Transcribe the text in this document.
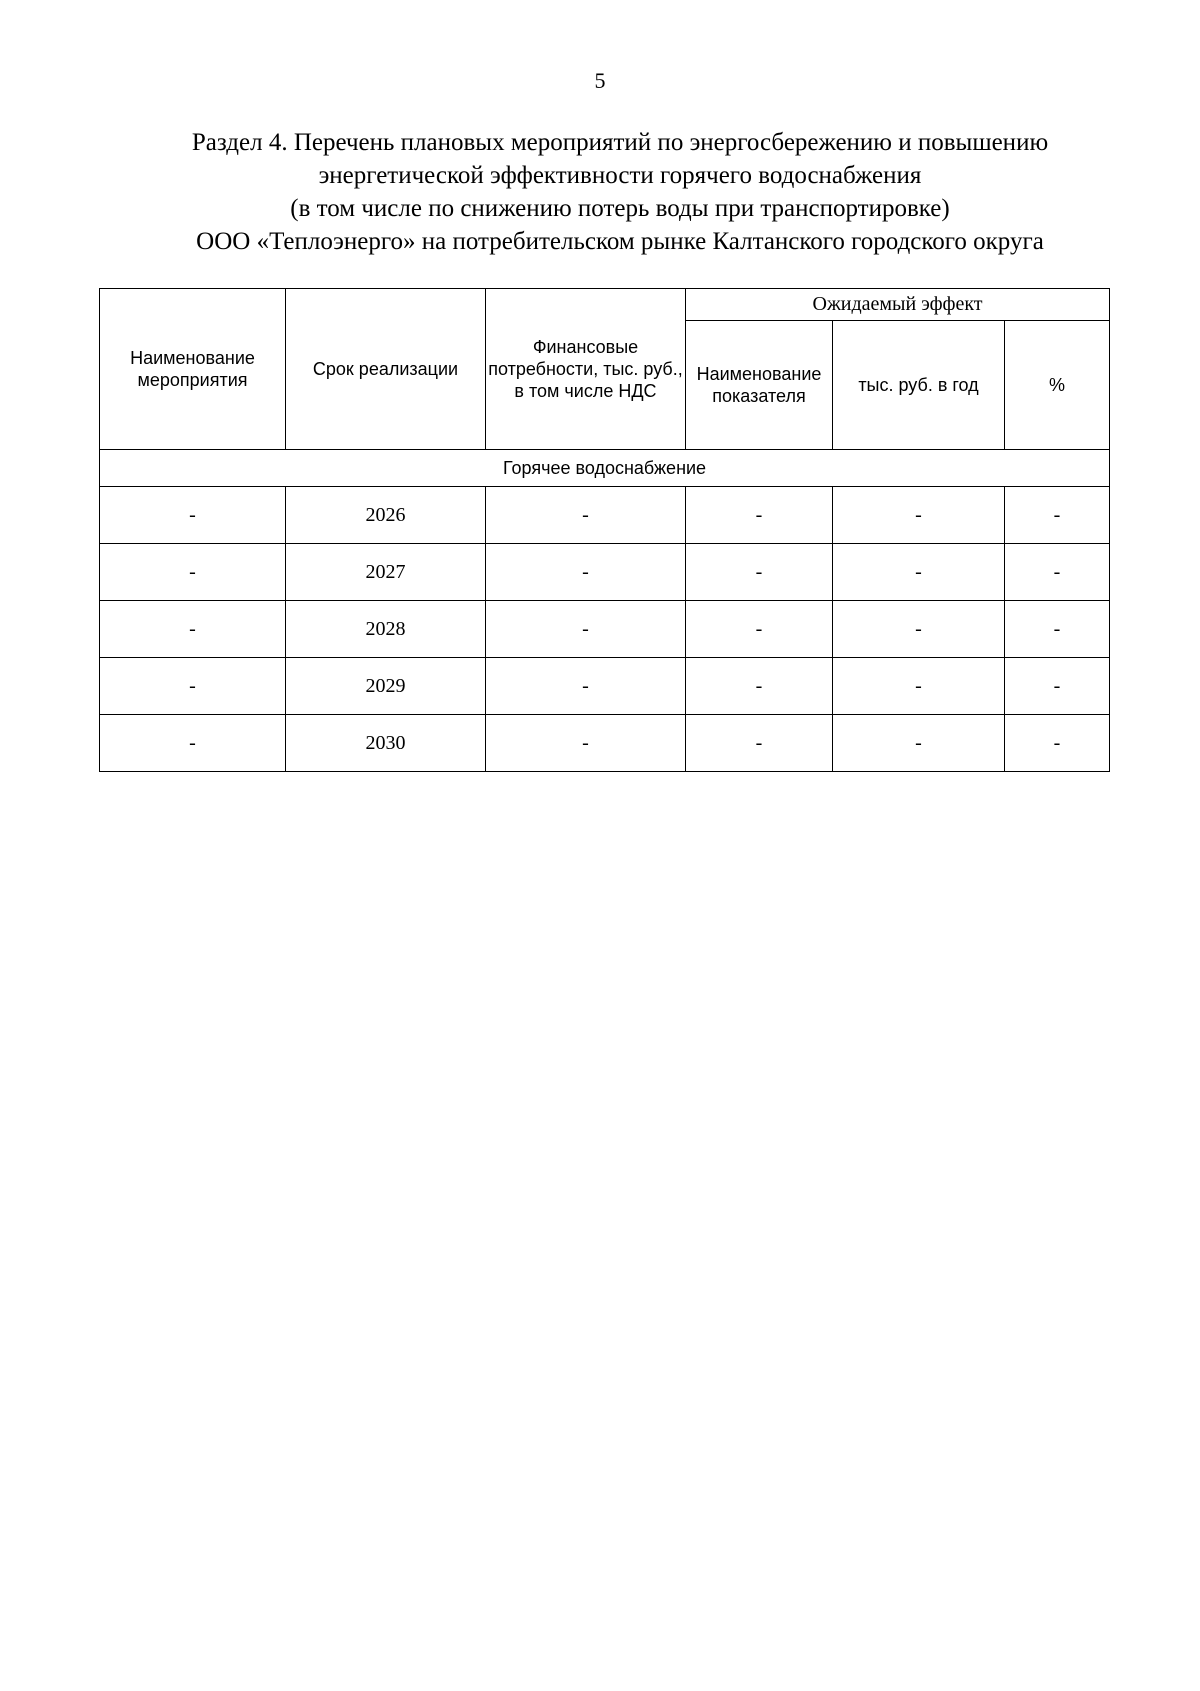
5
Раздел 4. Перечень плановых мероприятий по энергосбережению и повышению
энергетической эффективности горячего водоснабжения
(в том числе по снижению потерь воды при транспортировке)
ООО «Теплоэнерго» на потребительском рынке Калтанского городского округа
Наименование мероприятия	Срок реализации	Финансовые потребности, тыс. руб., в том числе НДС	Ожидаемый эффект		
			Наименование показателя	тыс. руб. в год	%
Горячее водоснабжение					
-	2026	-	-	-	-
-	2027	-	-	-	-
-	2028	-	-	-	-
-	2029	-	-	-	-
-	2030	-	-	-	-
